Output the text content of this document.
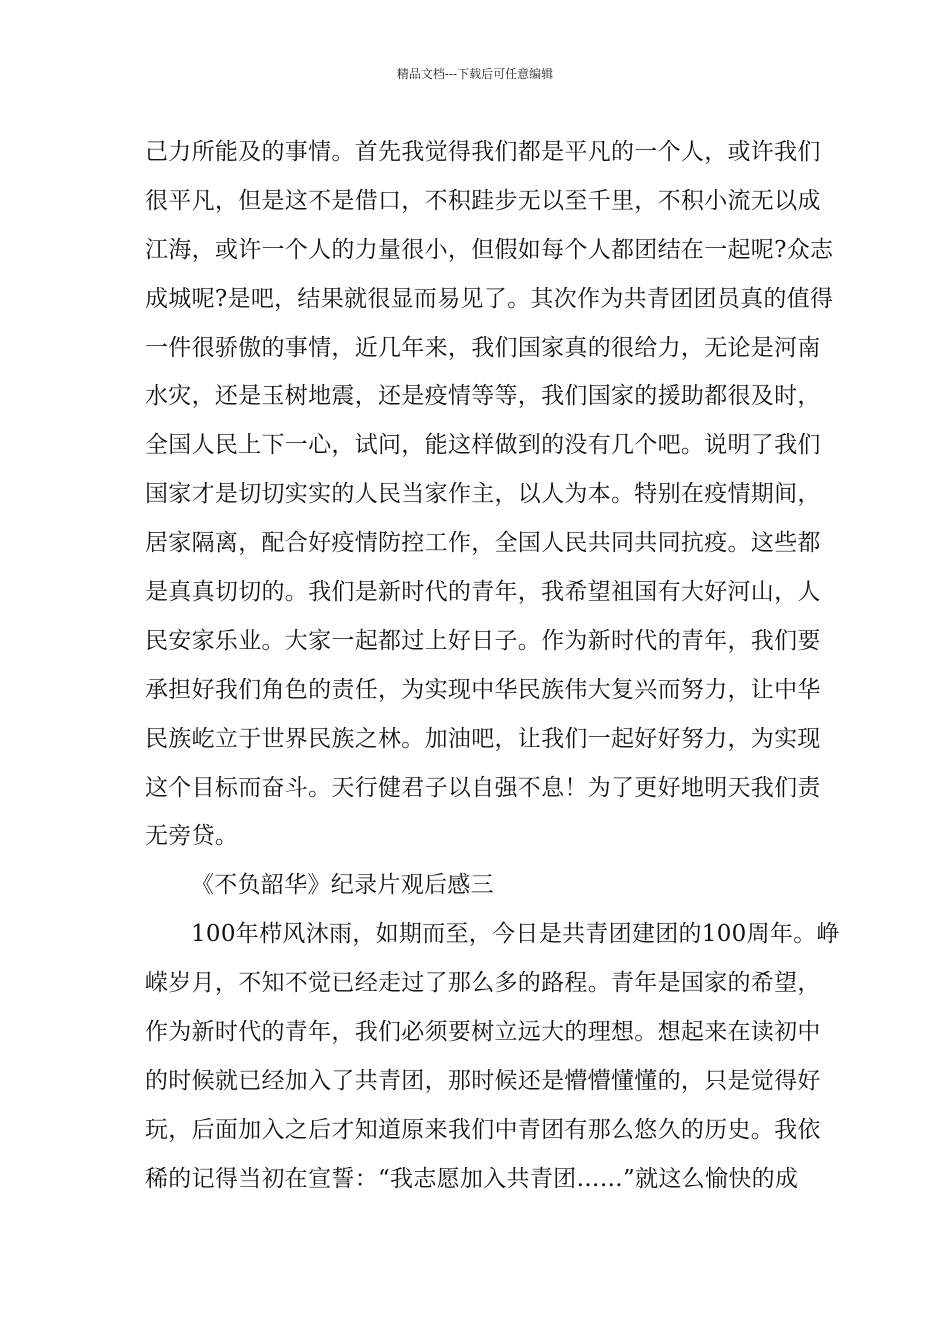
精品文档---下载后可任意编辑
己力所能及的事情。首先我觉得我们都是平凡的一个人，或许我们
很平凡，但是这不是借口，不积跬步无以至千里，不积小流无以成
江海，或许一个人的力量很小，但假如每个人都团结在一起呢?众志
成城呢?是吧，结果就很显而易见了。其次作为共青团团员真的值得
一件很骄傲的事情，近几年来，我们国家真的很给力，无论是河南
水灾，还是玉树地震，还是疫情等等，我们国家的援助都很及时，
全国人民上下一心，试问，能这样做到的没有几个吧。说明了我们
国家才是切切实实的人民当家作主，以人为本。特别在疫情期间，
居家隔离，配合好疫情防控工作，全国人民共同共同抗疫。这些都
是真真切切的。我们是新时代的青年，我希望祖国有大好河山，人
民安家乐业。大家一起都过上好日子。作为新时代的青年，我们要
承担好我们角色的责任，为实现中华民族伟大复兴而努力，让中华
民族屹立于世界民族之林。加油吧，让我们一起好好努力，为实现
这个目标而奋斗。天行健君子以自强不息！为了更好地明天我们责
无旁贷。
《不负韶华》纪录片观后感三
100年栉风沐雨，如期而至，今日是共青团建团的100周年。峥
嵘岁月，不知不觉已经走过了那么多的路程。青年是国家的希望，
作为新时代的青年，我们必须要树立远大的理想。想起来在读初中
的时候就已经加入了共青团，那时候还是懵懵懂懂的，只是觉得好
玩，后面加入之后才知道原来我们中青团有那么悠久的历史。我依
稀的记得当初在宣誓：“我志愿加入共青团……”就这么愉快的成
